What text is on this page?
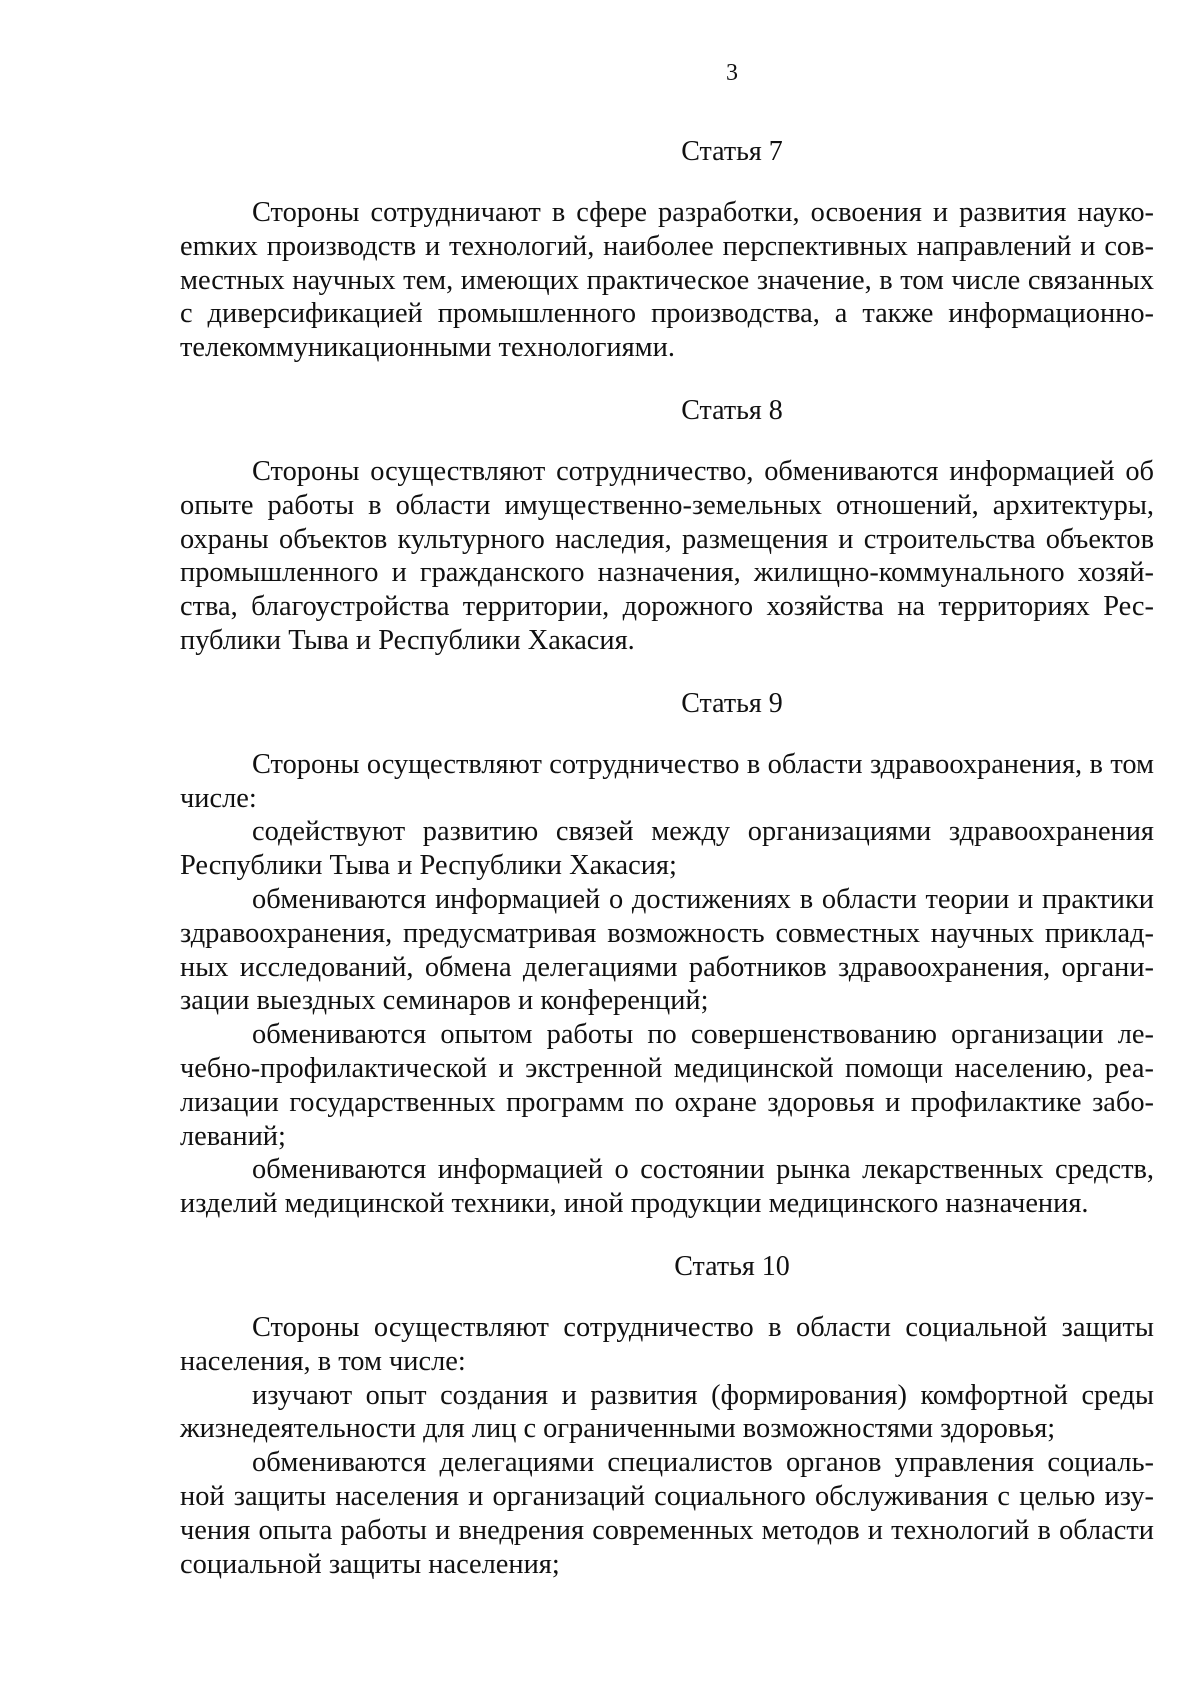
3
Статья 7

Стороны сотрудничают в сфере разработки, освоения и развития наукоemких производств и технологий, наиболее перспективных направлений и совместных научных тем, имеющих практическое значение, в том числе связанных с диверсификацией промышленного производства, а также информационно-телекоммуникационными технологиями.

Статья 8

Стороны осуществляют сотрудничество, обмениваются информацией об опыте работы в области имущественно-земельных отношений, архитектуры, охраны объектов культурного наследия, размещения и строительства объектов промышленного и гражданского назначения, жилищно-коммунального хозяйства, благоустройства территории, дорожного хозяйства на территориях Республики Тыва и Республики Хакасия.

Статья 9

Стороны осуществляют сотрудничество в области здравоохранения, в том числе:

содействуют развитию связей между организациями здравоохранения Республики Тыва и Республики Хакасия;

обмениваются информацией о достижениях в области теории и практики здравоохранения, предусматривая возможность совместных научных прикладных исследований, обмена делегациями работников здравоохранения, организации выездных семинаров и конференций;

обмениваются опытом работы по совершенствованию организации лечебно-профилактической и экстренной медицинской помощи населению, реализации государственных программ по охране здоровья и профилактике заболеваний;

обмениваются информацией о состоянии рынка лекарственных средств, изделий медицинской техники, иной продукции медицинского назначения.

Статья 10

Стороны осуществляют сотрудничество в области социальной защиты населения, в том числе:

изучают опыт создания и развития (формирования) комфортной среды жизнедеятельности для лиц с ограниченными возможностями здоровья;

обмениваются делегациями специалистов органов управления социальной защиты населения и организаций социального обслуживания с целью изучения опыта работы и внедрения современных методов и технологий в области социальной защиты населения;
